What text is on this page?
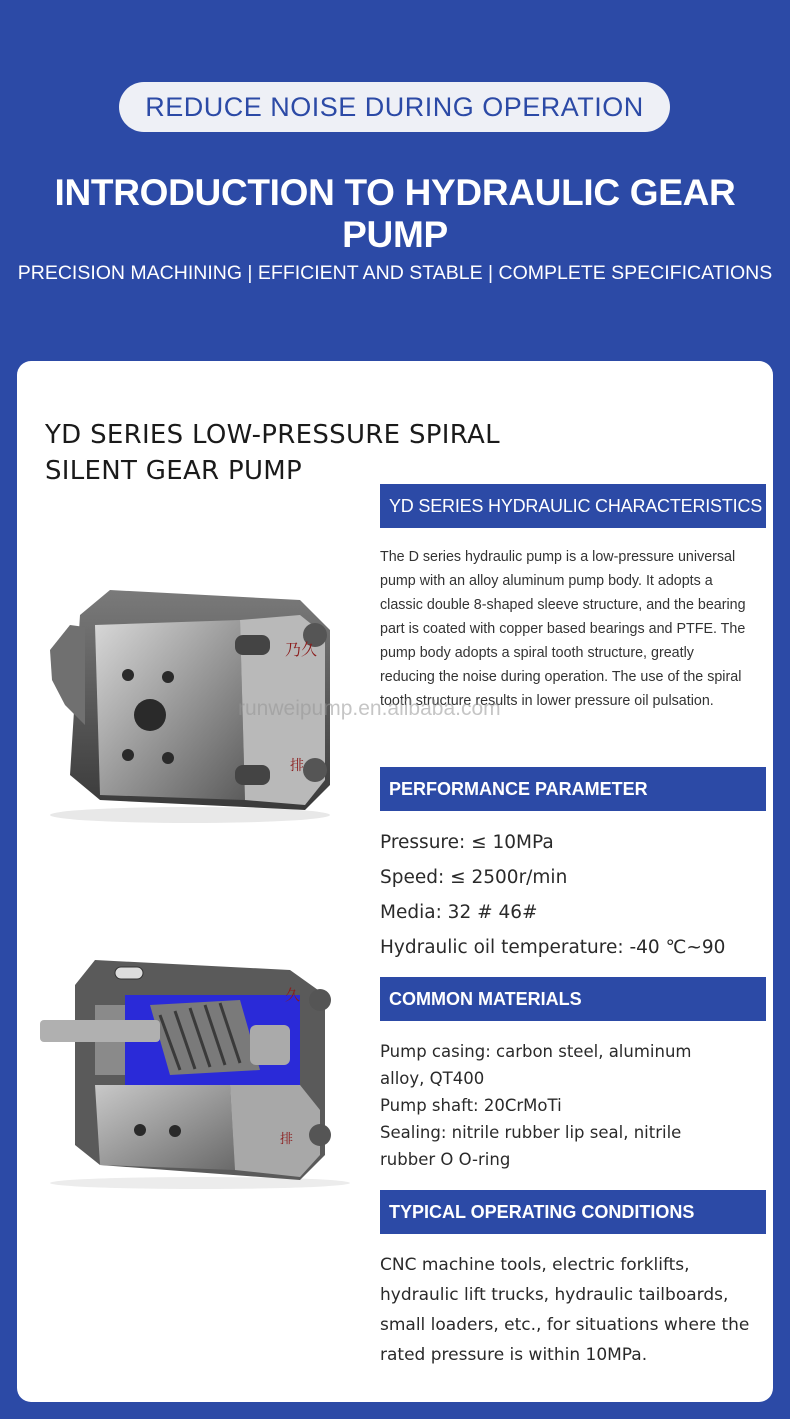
REDUCE NOISE DURING OPERATION
INTRODUCTION TO HYDRAULIC GEAR PUMP
PRECISION MACHINING | EFFICIENT AND STABLE | COMPLETE SPECIFICATIONS
YD SERIES LOW-PRESSURE SPIRAL
SILENT GEAR PUMP
乃久
排
久
排
YD SERIES HYDRAULIC CHARACTERISTICS
The D series hydraulic pump is a low-pressure universal pump with an alloy aluminum pump body. It adopts a classic double 8-shaped sleeve structure, and the bearing part is coated with copper based bearings and PTFE. The pump body adopts a spiral tooth structure, greatly reducing the noise during operation. The use of the spiral tooth structure results in lower pressure oil pulsation.
runweipump.en.alibaba.com
PERFORMANCE PARAMETER
Pressure: ≤ 10MPa
Speed: ≤ 2500r/min
Media: 32 # 46#
Hydraulic oil temperature: -40 ℃~90
COMMON MATERIALS
Pump casing: carbon steel, aluminum alloy, QT400
Pump shaft: 20CrMoTi
Sealing: nitrile rubber lip seal, nitrile rubber O O-ring
TYPICAL OPERATING CONDITIONS
CNC machine tools, electric forklifts, hydraulic lift trucks, hydraulic tailboards, small loaders, etc., for situations where the rated pressure is within 10MPa.
